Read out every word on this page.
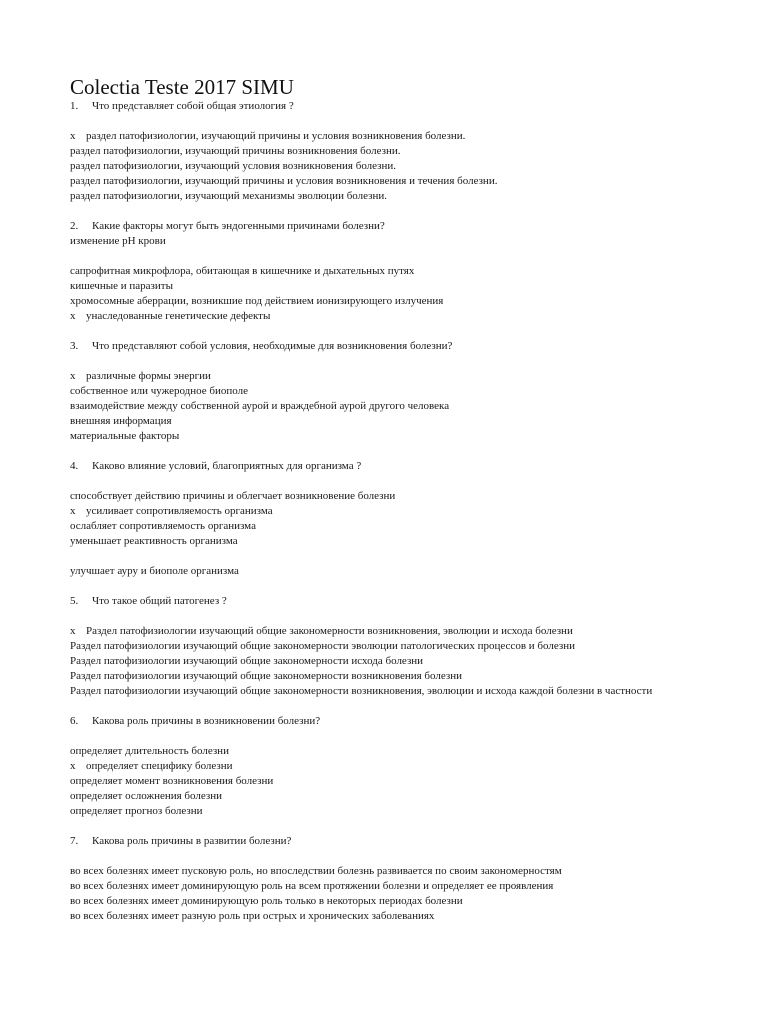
Colectia Teste 2017 SIMU

1. Что представляет собой общая этиология ?

x раздел патофизиологии, изучающий причины и условия возникновения болезни.
раздел патофизиологии, изучающий причины возникновения болезни.
раздел патофизиологии, изучающий условия возникновения болезни.
раздел патофизиологии, изучающий причины и условия возникновения и течения болезни.
раздел патофизиологии, изучающий механизмы эволюции болезни.

2. Какие факторы могут быть эндогенными причинами болезни?

изменение pH крови
сапрофитная микрофлора, обитающая в кишечнике и дыхательных путях
кишечные и паразиты
хромосомные аберрации, возникшие под действием ионизирующего излучения
x унаследованные генетические дефекты

3. Что представляют собой условия, необходимые для возникновения болезни?

x различные формы энергии
собственное или чужеродное биополе
взаимодействие между собственной аурой и враждебной аурой другого человека
внешняя информация
материальные факторы

4. Каково влияние условий, благоприятных для организма ?

способствует действию причины и облегчает возникновение болезни
x усиливает сопротивляемость организма
ослабляет сопротивляемость организма
уменьшает реактивность организма
улучшает ауру и биополе организма

5. Что такое общий патогенез ?

x Раздел патофизиологии изучающий общие закономерности возникновения, эволюции и исхода болезни
Раздел патофизиологии изучающий общие закономерности эволюции патологических процессов и болезни
Раздел патофизиологии изучающий общие закономерности исхода болезни
Раздел патофизиологии изучающий общие закономерности возникновения болезни
Раздел патофизиологии изучающий общие закономерности возникновения, эволюции и исхода каждой болезни в частности

6. Какова роль причины в возникновении болезни?

определяет длительность болезни
x определяет специфику болезни
определяет момент возникновения болезни
определяет осложнения болезни
определяет прогноз болезни

7. Какова роль причины в развитии болезни?

во всех болезнях имеет пусковую роль, но впоследствии болезнь развивается по своим закономерностям
во всех болезнях имеет доминирующую роль на всем протяжении болезни и определяет ее проявления
во всех болезнях имеет доминирующую роль только в некоторых периодах болезни
во всех болезнях имеет разную роль при острых и хронических заболеваниях
